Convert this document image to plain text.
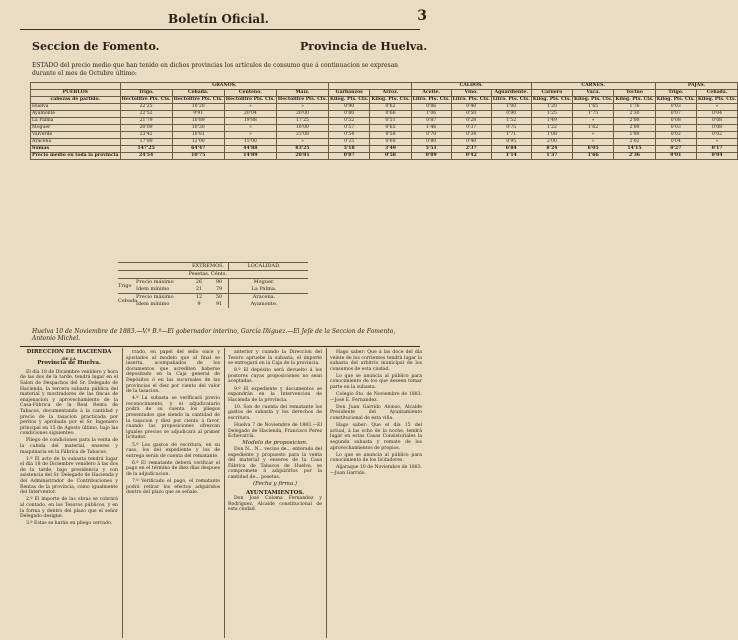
Boletín Oficial.	3
Seccion de Fomento.	Provincia de Huelva.
ESTADO del precio medio que han tenido en dichos provincias los artículos de consumo que á continuacion se expresan durante el mes de Octubre último:
	GRANOS.						CALDOS.			CARNES.			PAJAS.	
PUEBLOS	Trigo.	Cebada.	Centeno.	Maíz.	Garbanzos	Arroz.	Aceite.	Vino.	Aguardiente.	Carnero	Vaca.	Tocino	Trigo.	Cebada.
cabezas de partido.	Hectólitre Pts. Cts.	Hectólitre Pts. Cts.	Hectólitre Pts. Cts.	Hectólitre Pts. Cts.	Kilóg. Pts. Cts.	Kilóg. Pts. Cts.	Litro. Pts. Cts.	Litro. Pts. Cts.	Litro. Pts. Cts.	Kilóg. Pts. Cts.	Kilóg. Pts. Cts.	Kilóg. Pts. Cts.	Kilóg. Pts. Cts.	Kilóg. Pts. Cts.
Huelva	22'25	10'20	»	»	0'90	0'62	0'86	0'40	1'00	1'20	1'65	1'76	0'03	»
Ayamonte	22'52	9'91	20'04	20'00	0'80	0'66	1'06	0'50	0'90	1'25	1'75	2'30	0'07	0'04
La Palma	21'79	10'89	19'88	17'25	0'52	0'51	0'87	0'28	1'52	1'49	»	2'00	0'08	0'08
Moguer	20'09	10'30	»	16'00	0'57	0'65	1'46	0'37	0'75	1'22	1'62	2'00	0'03	0'08
Valverde	23'42	10'81	»	23'08	0'54	0'58	0'70	0'34	1'71	1'08	»	1'90	0'02	0'02
Aracena	17'00	12'00	15'00	»	0'25	0'60	0'80	0'40	0'95	2'00	»	2'02	0'04	»
Sumas	147'25	64'47	44'88	83'25	5'18	3'49	5'51	2'37	6'84	8'24	6'05	14'15	0'27	0'17
Precio medio en toda la provincia	24'54	10'75	14'89	20'81	0'87	0'58	0'89	0'42	1'14	1'37	1'66	2'36	0'01	0'04
EXTREMOS.	LOCALIDAD.
Pesetas. Cénts.
Trigo
Precio máximo	26	90	Moguer.
Idem mínimo	21	79	La Palma.
Cebada
Precio máximo	12	50	Aracena.
Idem mínimo	9	91	Ayamonte.
Huelva 10 de Noviembre de 1883.—V.º B.º—El gobernador interino, García Iñiguez.—El Jefe de la Seccion de Fomento, Antonio Michel.
DIRECCION DE HACIENDA
DE LA
Provincia de Huelva.

El día 18 de Diciembre venidero y hora de las dos de la tarde, tendrá lugar en el Salon de Despachos del Sr. Delegado de Hacienda, la tercera subasta pública del material y mostradores de las fincas de enajenacion y aprovechamiento de la Casa-Fábrica de la Real Renta de Tabacos, documentando á la cantidad y precio de la tasacion practicada por peritos y aprobada por el Sr. Ingeniero principal en 15 de Agosto último, bajo las condiciones siguientes:

Pliego de condiciones para la venta de la cabida del material, enseres y maquinaria en la Fábrica de Tabacos.

1.º El acto de la subasta tendrá lugar el día 18 de Diciembre venidero á las dos de la tarde, bajo presidencia y con asistencia del Sr. Delegado de Hacienda y del Administrador de Contribuciones y Rentas de la provincia, como igualmente del Interventor.

2.º El importe de las obras se cobrará al contado, en los Tesoros públicos, y en la forma y dentro del plazo que el señor Delegado designe.

3.º Estas se harán en pliego cerrado.

rrado, en papel del sello once y ajustados al modelo que al final se inserta, acompañados de los documentos que acrediten haberse depositado en la Caja general de Depósitos ó en las sucursales de las provincias el diez por ciento del valor de la tasacion.

4.º La subasta se verificará previo reconocimiento, y el adjudicatario podrá de su cuenta los pliegos presentados que siendo la cantidad de la tasacion y diez por ciento á favor, cuando las proposiciones ofrezcan iguales precios se adjudicará al primer licitador.

5.º Los gastos de escritura, en su caso, los del expediente y los de entrega serán de cuenta del rematante.

6.º El rematante deberá verificar el pago en el término de diez días despues de la adjudicacion.

7.º Verificado el pago, el rematante podrá retirar los efectos adquiridos dentro del plazo que se señale.

anterior y cuando la Direccion del Tesoro apruebe la subasta, el importe se entregará en la Caja de la provincia.

8.º El depósito será devuelto á los postores cuyas proposiciones no sean aceptadas.

9.º El expediente y documentos se expondrán en la Intervencion de Hacienda de la provincia.

10. Son de cuenta del rematante los gastos de subasta y los derechos de escritura.

Huelva 7 de Noviembre de 1883.—El Delegado de Hacienda, Francisco Perez Echevarría.

Modelo de proposicion.

Don N... N... vecino de... enterado del expediente y propuesto para la venta del material y enseres de la Casa Fábrica de Tabacos de Huelva, se compromete á adquirirlos por la cantidad de... pesetas.

(Fecha y firma.)
AYUNTAMIENTOS.

Don José Coloma Fernandez y Rodríguez, Alcalde constitucional de esta ciudad.

Hago saber: Que á las doce del día veinte de los corrientes tendrá lugar la subasta del arbitrio municipal de los consumos de esta ciudad.

Lo que se anuncia al público para conocimiento de los que deseen tomar parte en la subasta.

Colegio Sto. de Noviembre de 1883.—José E. Fernandez.

Don Juan Garrido Alonso, Alcalde Presidente del Ayuntamiento constitucional de esta villa.

Hago saber: Que el día 15 del actual, á las ocho de la noche, tendrá lugar en estas Casas Consistoriales la segunda subasta y remate de los aprovechamientos de propios.

Lo que se anuncia al público para conocimiento de los licitadores.

Aljaraque 10 de Noviembre de 1883.—Juan Garrido.
